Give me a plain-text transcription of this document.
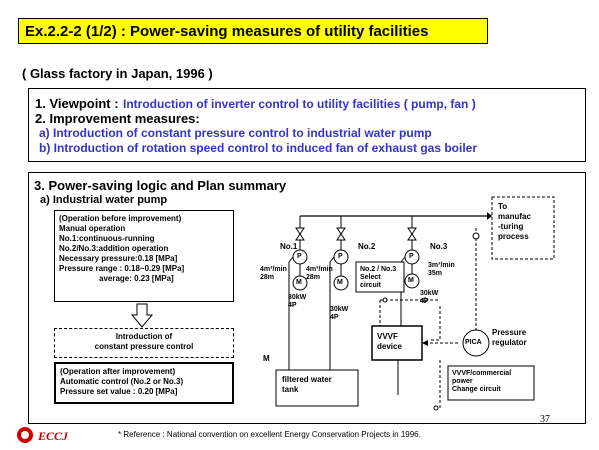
Ex.2.2-2 (1/2) : Power-saving measures of utility facilities
( Glass factory in Japan, 1996 )
1. Viewpoint : Introduction of inverter control to utility facilities ( pump, fan )
2. Improvement measures:
a) Introduction of constant pressure control to industrial water pump
b) Introduction of rotation speed control to induced fan of exhaust gas boiler
3. Power-saving logic and Plan summary
a) Industrial water pump
(Operation before improvement)
Manual operation
No.1:continuous-running
No.2/No.3:addition operation
Necessary pressure:0.18 [MPa]
Pressure range : 0.18~0.29 [MPa]
average: 0.23 [MPa]
Introduction of
constant pressure control
(Operation after improvement)
Automatic control (No.2 or No.3)
Pressure set value : 0.20 [MPa]
No.1	No.2	No.3
To
manufac
-turing
process
P	P	P
M	M	M
4m³/min
28m
4m³/min
28m
3m³/min
35m
30kW
4P
30kW
4P
30kW
4P
No.2 / No.3
Select
circuit
VVVF
device	PICA
Pressure
regulator
M
filtered water
tank
VVVF/commercial
power
Change circuit
ECCJ	* Reference : National convention on excellent Energy Conservation Projects in 1996.
37
